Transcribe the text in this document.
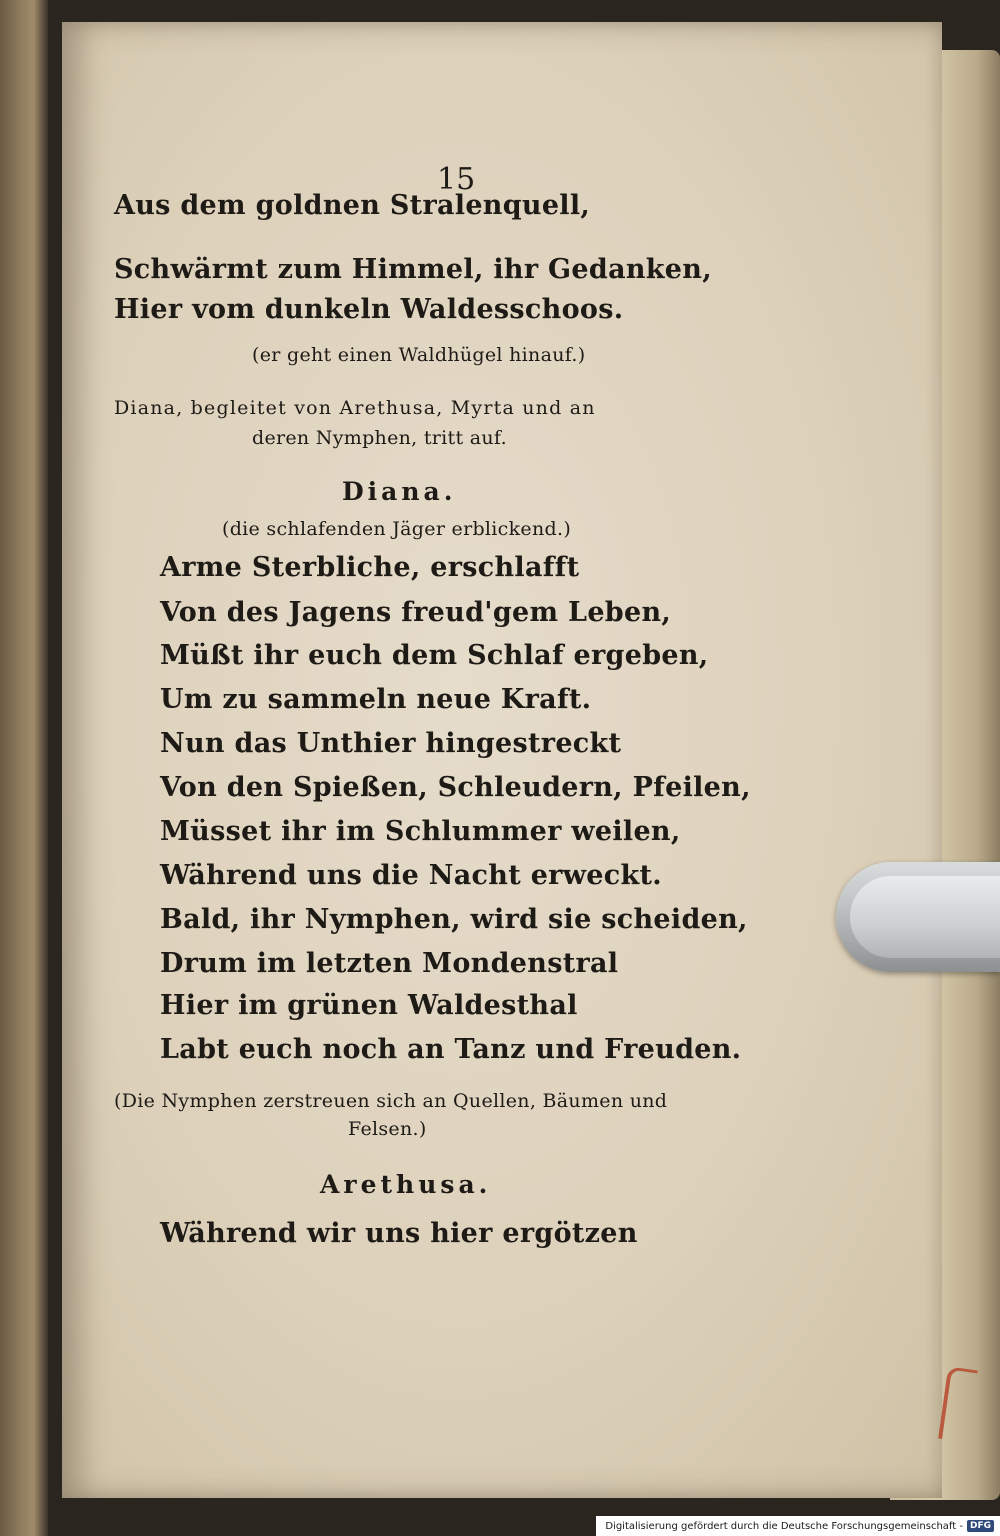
15
Aus dem goldnen Stralenquell,
Schwärmt zum Himmel, ihr Gedanken,
Hier vom dunkeln Waldesschoos.
(er geht einen Waldhügel hinauf.)
Diana, begleitet von Arethusa, Myrta und an
deren Nymphen, tritt auf.
Diana.
(die schlafenden Jäger erblickend.)
Arme Sterbliche, erschlafft
Von des Jagens freud'gem Leben,
Müßt ihr euch dem Schlaf ergeben,
Um zu sammeln neue Kraft.
Nun das Unthier hingestreckt
Von den Spießen, Schleudern, Pfeilen,
Müsset ihr im Schlummer weilen,
Während uns die Nacht erweckt.
Bald, ihr Nymphen, wird sie scheiden,
Drum im letzten Mondenstral
Hier im grünen Waldesthal
Labt euch noch an Tanz und Freuden.
(Die Nymphen zerstreuen sich an Quellen, Bäumen und
Felsen.)
Arethusa.
Während wir uns hier ergötzen
Digitalisierung gefördert durch die Deutsche Forschungsgemeinschaft - DFG
